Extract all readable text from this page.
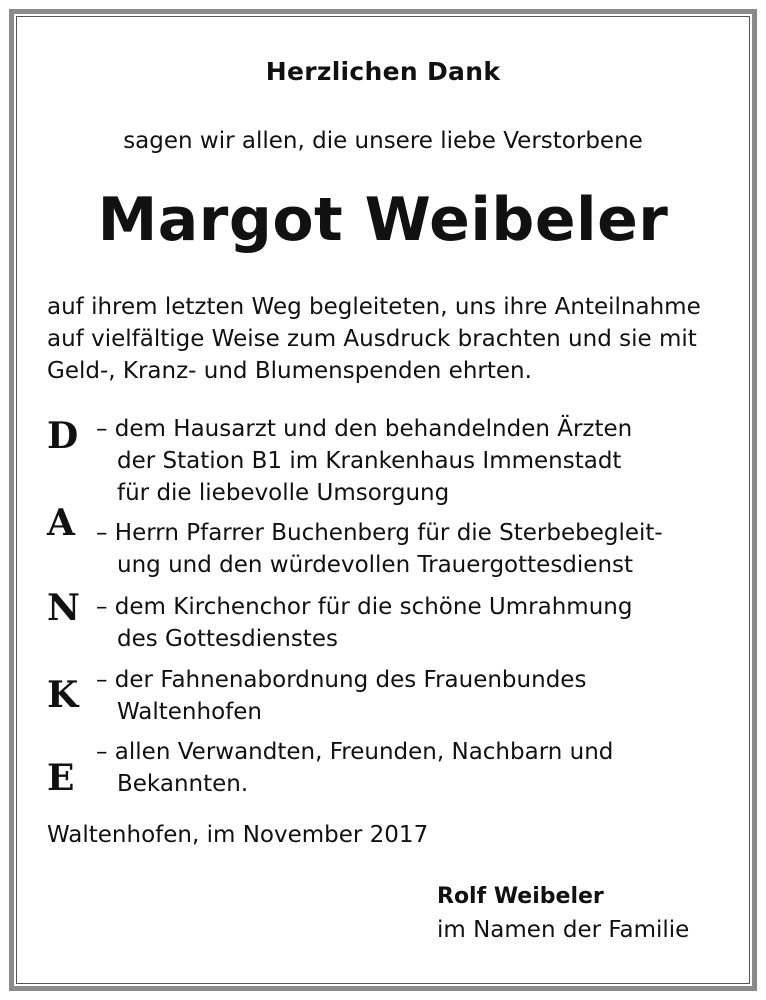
Herzlichen Dank
sagen wir allen, die unsere liebe Verstorbene
Margot Weibeler
auf ihrem letzten Weg begleiteten, uns ihre Anteilnahme
auf vielfältige Weise zum Ausdruck brachten und sie mit
Geld-, Kranz- und Blumenspenden ehrten.
D – dem Hausarzt und den behandelnden Ärzten
der Station B1 im Krankenhaus Immenstadt
für die liebevolle Umsorgung
A – Herrn Pfarrer Buchenberg für die Sterbebegleit-
ung und den würdevollen Trauergottesdienst
N – dem Kirchenchor für die schöne Umrahmung
des Gottesdienstes
K – der Fahnenabordnung des Frauenbundes
Waltenhofen
E
– allen Verwandten, Freunden, Nachbarn und
Bekannten.
Waltenhofen, im November 2017
Rolf Weibeler
im Namen der Familie
